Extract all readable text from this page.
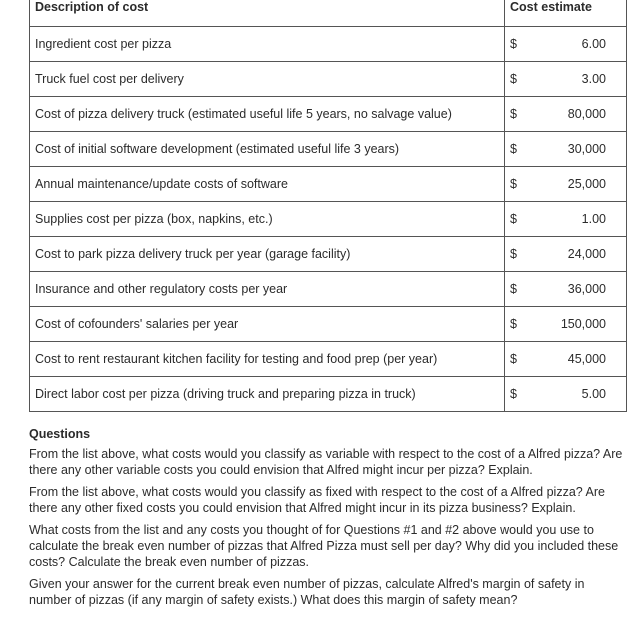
Description of cost	Cost estimate	
Ingredient cost per pizza	$	6.00
Truck fuel cost per delivery	$	3.00
Cost of pizza delivery truck (estimated useful life 5 years, no salvage value)	$	80,000
Cost of initial software development (estimated useful life 3 years)	$	30,000
Annual maintenance/update costs of software	$	25,000
Supplies cost per pizza (box, napkins, etc.)	$	1.00
Cost to park pizza delivery truck per year (garage facility)	$	24,000
Insurance and other regulatory costs per year	$	36,000
Cost of cofounders' salaries per year	$	150,000
Cost to rent restaurant kitchen facility for testing and food prep (per year)	$	45,000
Direct labor cost per pizza (driving truck and preparing pizza in truck)	$	5.00
Questions

From the list above, what costs would you classify as variable with respect to the cost of a Alfred pizza? Are there any other variable costs you could envision that Alfred might incur per pizza? Explain.

From the list above, what costs would you classify as fixed with respect to the cost of a Alfred pizza? Are there any other fixed costs you could envision that Alfred might incur in its pizza business? Explain.

What costs from the list and any costs you thought of for Questions #1 and #2 above would you use to calculate the break even number of pizzas that Alfred Pizza must sell per day? Why did you included these costs? Calculate the break even number of pizzas.

Given your answer for the current break even number of pizzas, calculate Alfred's margin of safety in number of pizzas (if any margin of safety exists.) What does this margin of safety mean?
